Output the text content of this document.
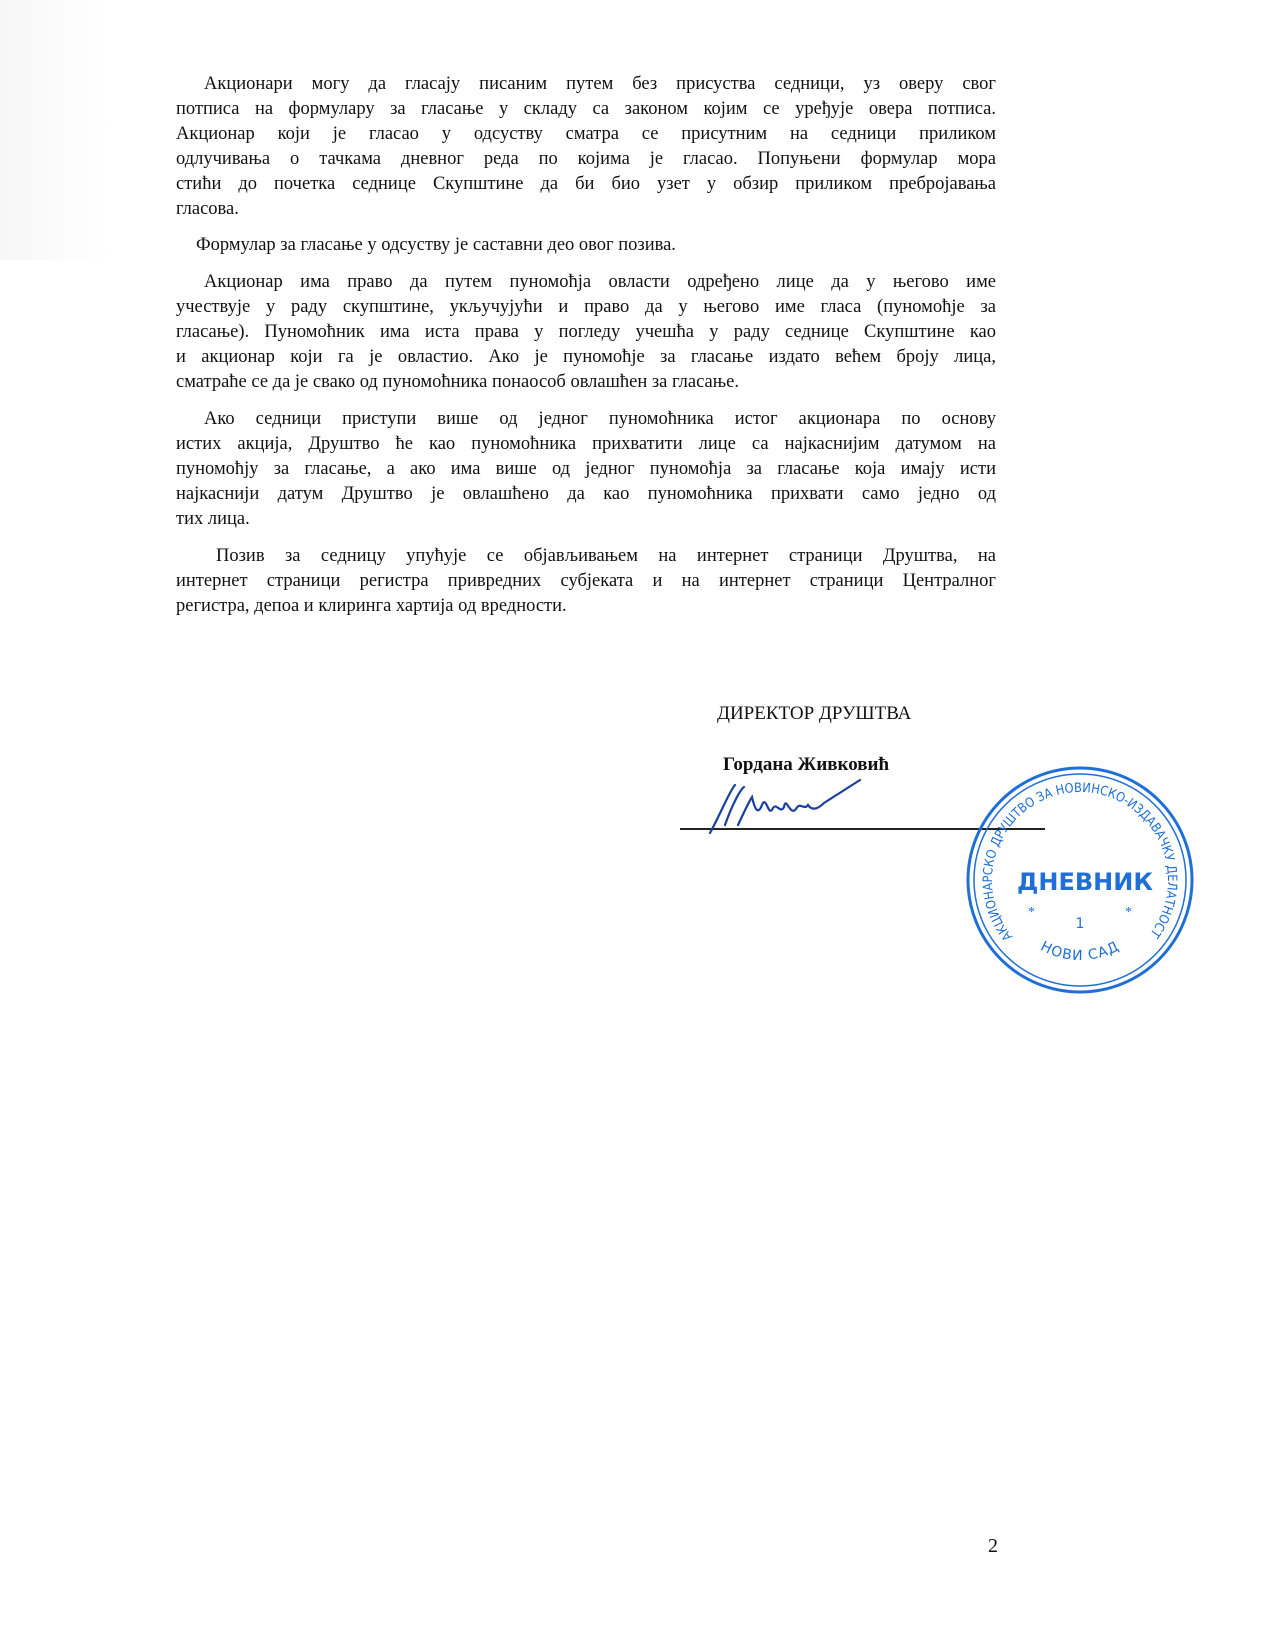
Акционари могу да гласају писаним путем без присуства седници, уз оверу свог
потписа на формулару за гласање у складу са законом којим се уређује овера потписа.
Акционар који је гласао у одсуству сматра се присутним на седници приликом
одлучивања о тачкама дневног реда по којима је гласао. Попуњени формулар мора
стићи до почетка седнице Скупштине да би био узет у обзир приликом пребројавања
гласова.
Формулар за гласање у одсуству је саставни део овог позива.
Акционар има право да путем пуномоћја овласти одређено лице да у његово име
учествује у раду скупштине, укључујући и право да у његово име гласа (пуномоћје за
гласање). Пуномоћник има иста права у погледу учешћа у раду седнице Скупштине као
и акционар који га је овластио. Ако је пуномоћје за гласање издато већем броју лица,
сматраће се да је свако од пуномоћника понаособ овлашћен за гласање.
Ако седници приступи више од једног пуномоћника истог акционара по основу
истих акција, Друштво ће као пуномоћника прихватити лице са најкаснијим датумом на
пуномоћју за гласање, а ако има више од једног пуномоћја за гласање која имају исти
најкаснији датум Друштво је овлашћено да као пуномоћника прихвати само једно од
тих лица.
Позив за седницу упућује се објављивањем на интернет страници Друштва, на
интернет страници регистра привредних субјеката и на интернет страници Централног
регистра, депоа и клиринга хартија од вредности.
ДИРЕКТОР ДРУШТВА
Гордана Живковић
АКЦИОНАРСКО ДРУШТВО ЗА НОВИНСКО-ИЗДАВАЧКУ ДЕЛАТНОСТ
ДНЕВНИК
1
*	*
НОВИ САД
2
